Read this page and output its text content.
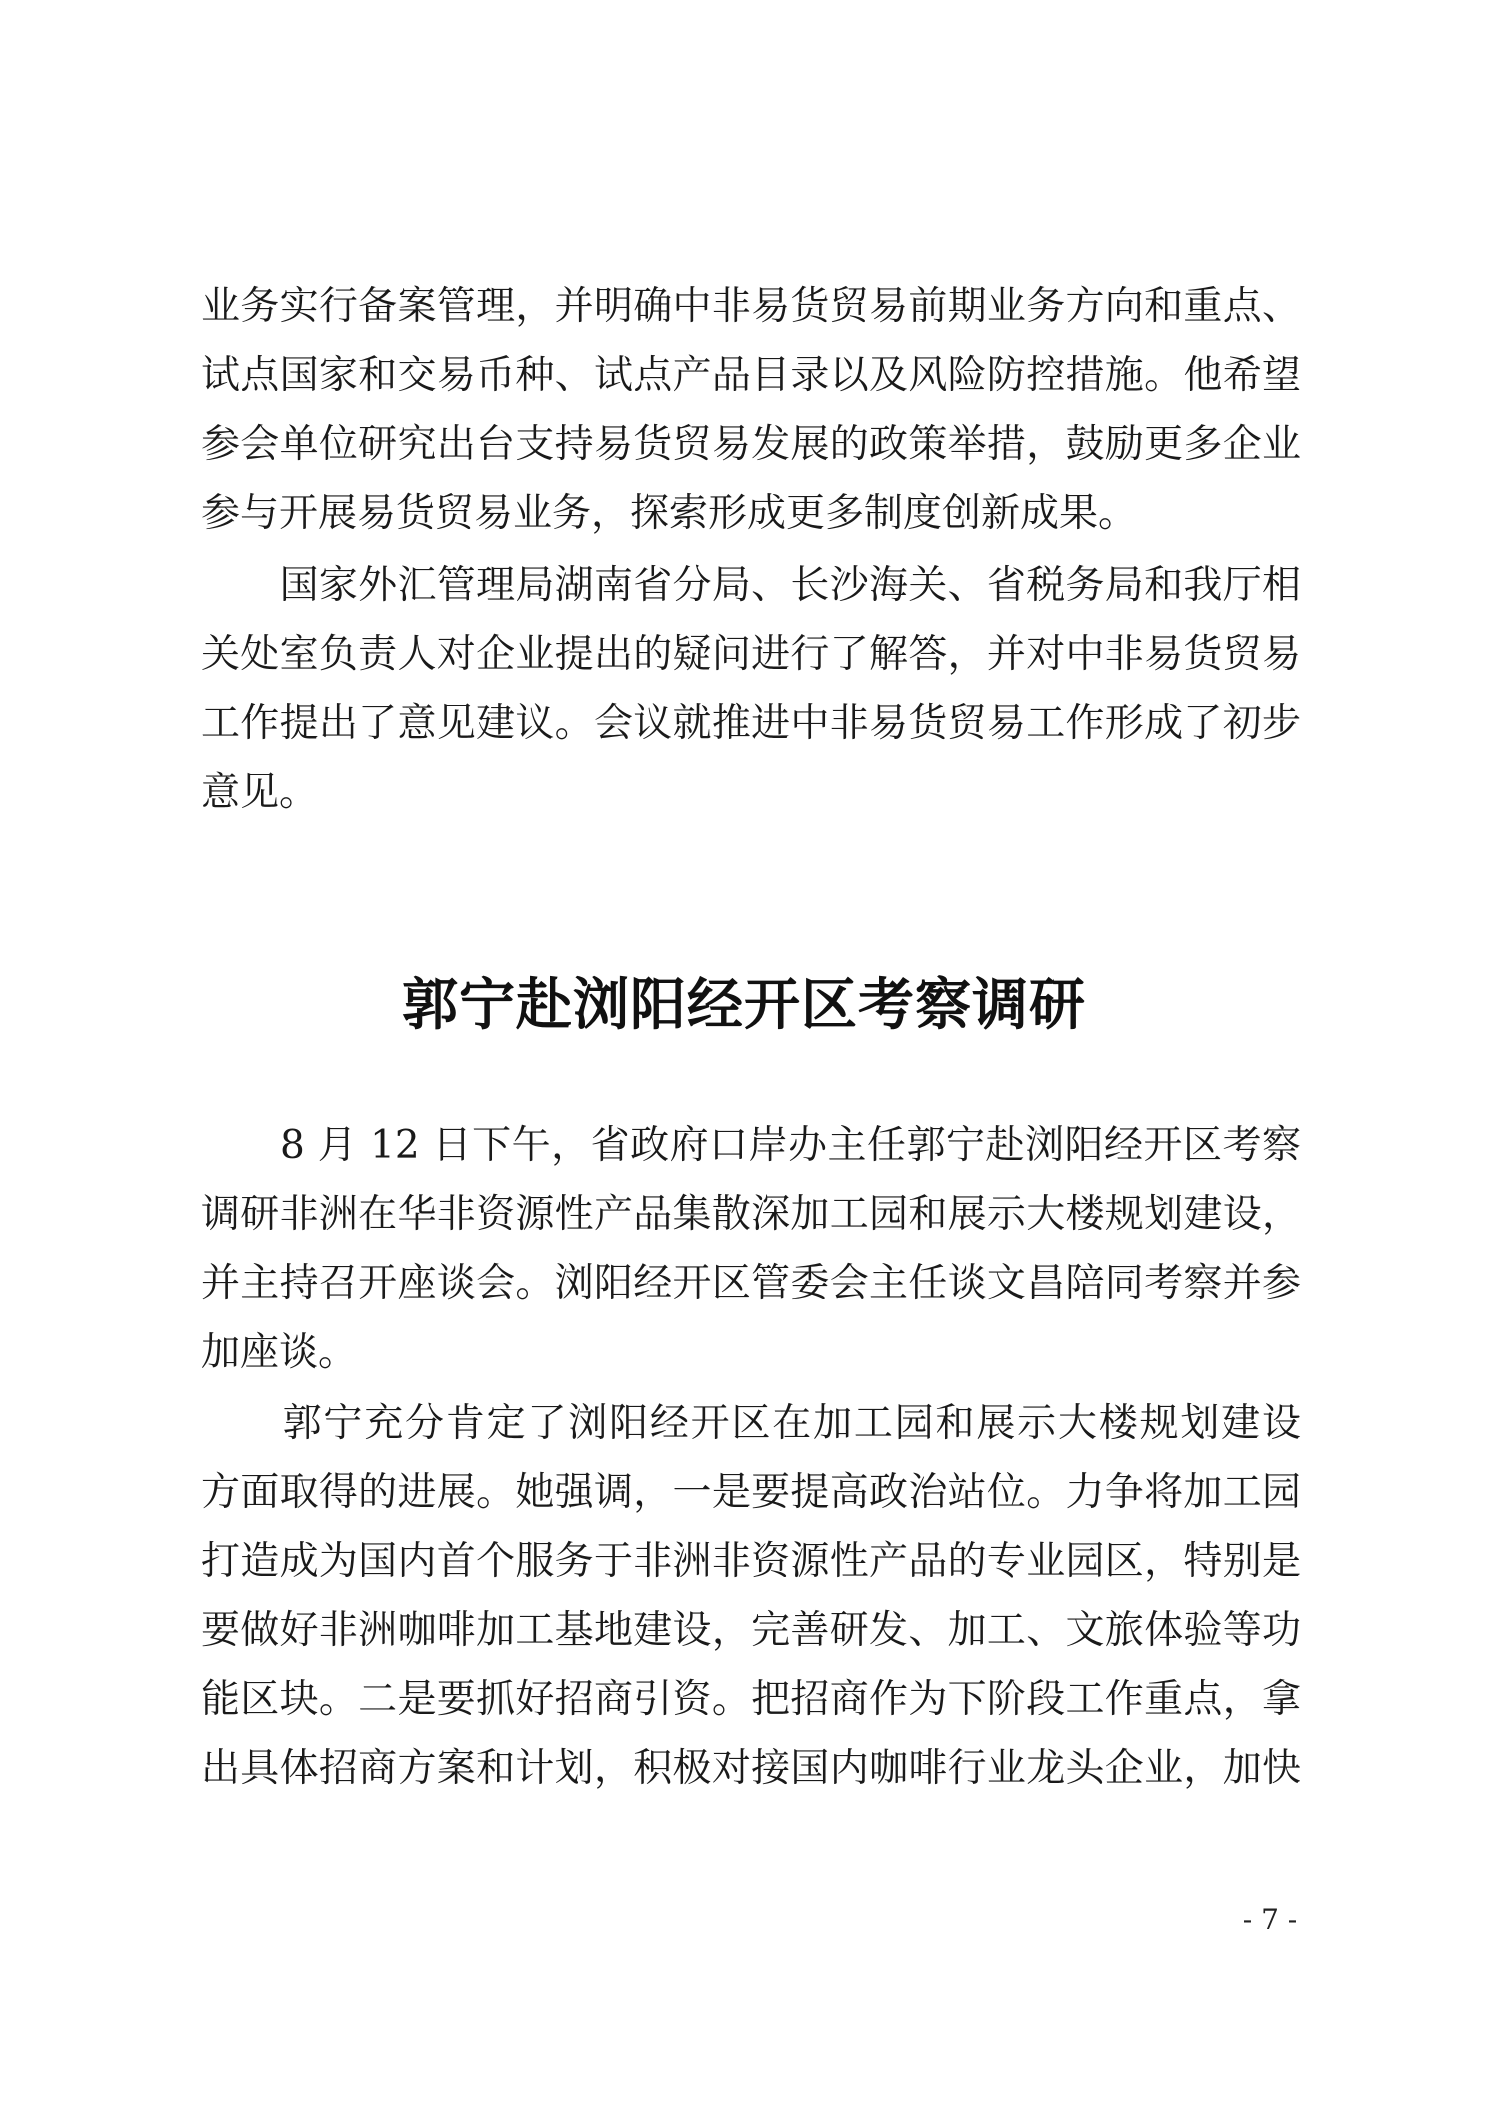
业务实行备案管理，并明确中非易货贸易前期业务方向和重点、
试点国家和交易币种、试点产品目录以及风险防控措施。他希望
参会单位研究出台支持易货贸易发展的政策举措，鼓励更多企业
参与开展易货贸易业务，探索形成更多制度创新成果。
　　国家外汇管理局湖南省分局、长沙海关、省税务局和我厅相
关处室负责人对企业提出的疑问进行了解答，并对中非易货贸易
工作提出了意见建议。会议就推进中非易货贸易工作形成了初步
意见。
郭宁赴浏阳经开区考察调研
　　8 月 12 日下午，省政府口岸办主任郭宁赴浏阳经开区考察
调研非洲在华非资源性产品集散深加工园和展示大楼规划建设，
并主持召开座谈会。浏阳经开区管委会主任谈文昌陪同考察并参
加座谈。
　　郭宁充分肯定了浏阳经开区在加工园和展示大楼规划建设
方面取得的进展。她强调，一是要提高政治站位。力争将加工园
打造成为国内首个服务于非洲非资源性产品的专业园区，特别是
要做好非洲咖啡加工基地建设，完善研发、加工、文旅体验等功
能区块。二是要抓好招商引资。把招商作为下阶段工作重点，拿
出具体招商方案和计划，积极对接国内咖啡行业龙头企业，加快
- 7 -
